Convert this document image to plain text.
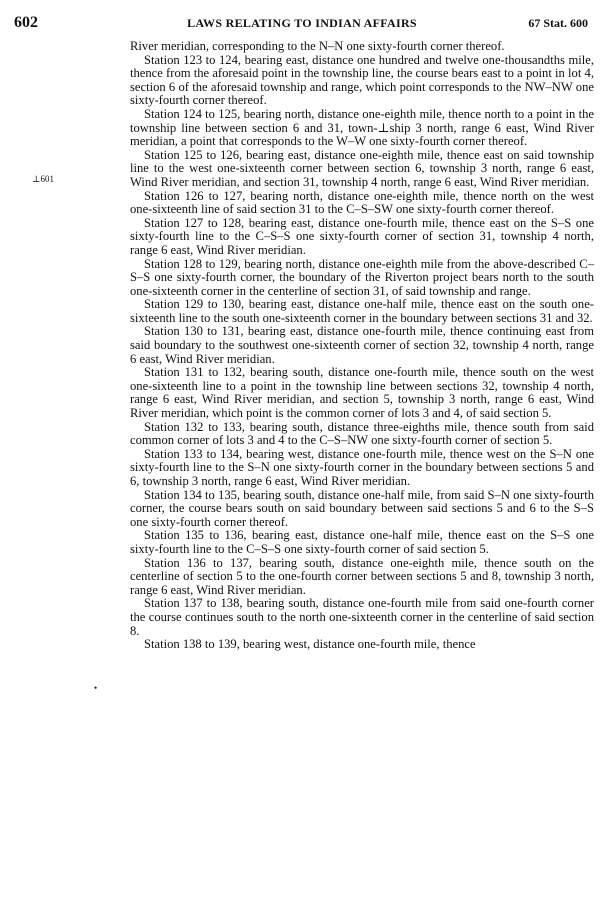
602	LAWS RELATING TO INDIAN AFFAIRS	67 Stat. 600
⊥601
•

River meridian, corresponding to the N–N one sixty-fourth corner thereof.

Station 123 to 124, bearing east, distance one hundred and twelve one-thousandths mile, thence from the aforesaid point in the township line, the course bears east to a point in lot 4, section 6 of the aforesaid township and range, which point corresponds to the NW–NW one sixty-fourth corner thereof.

Station 124 to 125, bearing north, distance one-eighth mile, thence north to a point in the township line between section 6 and 31, town-⊥ship 3 north, range 6 east, Wind River meridian, a point that corresponds to the W–W one sixty-fourth corner thereof.

Station 125 to 126, bearing east, distance one-eighth mile, thence east on said township line to the west one-sixteenth corner between section 6, township 3 north, range 6 east, Wind River meridian, and section 31, township 4 north, range 6 east, Wind River meridian.

Station 126 to 127, bearing north, distance one-eighth mile, thence north on the west one-sixteenth line of said section 31 to the C–S–SW one sixty-fourth corner thereof.

Station 127 to 128, bearing east, distance one-fourth mile, thence east on the S–S one sixty-fourth line to the C–S–S one sixty-fourth corner of section 31, township 4 north, range 6 east, Wind River meridian.

Station 128 to 129, bearing north, distance one-eighth mile from the above-described C–S–S one sixty-fourth corner, the boundary of the Riverton project bears north to the south one-sixteenth corner in the centerline of section 31, of said township and range.

Station 129 to 130, bearing east, distance one-half mile, thence east on the south one-sixteenth line to the south one-sixteenth corner in the boundary between sections 31 and 32.

Station 130 to 131, bearing east, distance one-fourth mile, thence continuing east from said boundary to the southwest one-sixteenth corner of section 32, township 4 north, range 6 east, Wind River meridian.

Station 131 to 132, bearing south, distance one-fourth mile, thence south on the west one-sixteenth line to a point in the township line between sections 32, township 4 north, range 6 east, Wind River meridian, and section 5, township 3 north, range 6 east, Wind River meridian, which point is the common corner of lots 3 and 4, of said section 5.

Station 132 to 133, bearing south, distance three-eighths mile, thence south from said common corner of lots 3 and 4 to the C–S–NW one sixty-fourth corner of section 5.

Station 133 to 134, bearing west, distance one-fourth mile, thence west on the S–N one sixty-fourth line to the S–N one sixty-fourth corner in the boundary between sections 5 and 6, township 3 north, range 6 east, Wind River meridian.

Station 134 to 135, bearing south, distance one-half mile, from said S–N one sixty-fourth corner, the course bears south on said boundary between said sections 5 and 6 to the S–S one sixty-fourth corner thereof.

Station 135 to 136, bearing east, distance one-half mile, thence east on the S–S one sixty-fourth line to the C–S–S one sixty-fourth corner of said section 5.

Station 136 to 137, bearing south, distance one-eighth mile, thence south on the centerline of section 5 to the one-fourth corner between sections 5 and 8, township 3 north, range 6 east, Wind River meridian.

Station 137 to 138, bearing south, distance one-fourth mile from said one-fourth corner the course continues south to the north one-sixteenth corner in the centerline of said section 8.

Station 138 to 139, bearing west, distance one-fourth mile, thence
